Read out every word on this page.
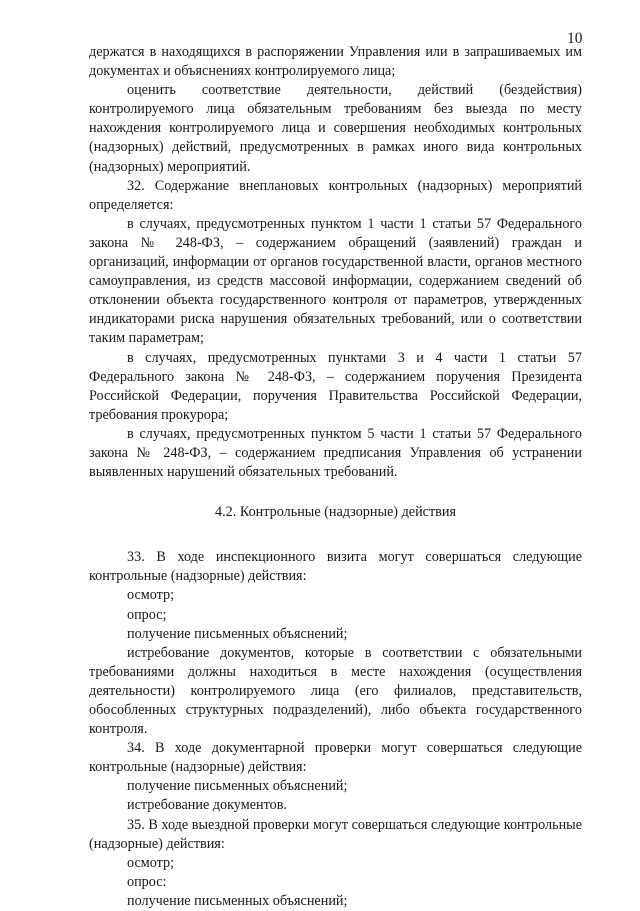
10

держатся в находящихся в распоряжении Управления или в запрашиваемых им документах и объяснениях контролируемого лица;

оценить соответствие деятельности, действий (бездействия) контролируемого лица обязательным требованиям без выезда по месту нахождения контролируемого лица и совершения необходимых контрольных (надзорных) действий, предусмотренных в рамках иного вида контрольных (надзорных) мероприятий.

32. Содержание внеплановых контрольных (надзорных) мероприятий определяется:

в случаях, предусмотренных пунктом 1 части 1 статьи 57 Федерального закона № 248-ФЗ, – содержанием обращений (заявлений) граждан и организаций, информации от органов государственной власти, органов местного самоуправления, из средств массовой информации, содержанием сведений об отклонении объекта государственного контроля от параметров, утвержденных индикаторами риска нарушения обязательных требований, или о соответствии таким параметрам;

в случаях, предусмотренных пунктами 3 и 4 части 1 статьи 57 Федерального закона № 248-ФЗ, – содержанием поручения Президента Российской Федерации, поручения Правительства Российской Федерации, требования прокурора;

в случаях, предусмотренных пунктом 5 части 1 статьи 57 Федерального закона № 248-ФЗ, – содержанием предписания Управления об устранении выявленных нарушений обязательных требований.

4.2. Контрольные (надзорные) действия

33. В ходе инспекционного визита могут совершаться следующие контрольные (надзорные) действия:

осмотр;

опрос;

получение письменных объяснений;

истребование документов, которые в соответствии с обязательными требованиями должны находиться в месте нахождения (осуществления деятельности) контролируемого лица (его филиалов, представительств, обособленных структурных подразделений), либо объекта государственного контроля.

34. В ходе документарной проверки могут совершаться следующие контрольные (надзорные) действия:

получение письменных объяснений;

истребование документов.

35. В ходе выездной проверки могут совершаться следующие контрольные (надзорные) действия:

осмотр;

опрос:

получение письменных объяснений;
